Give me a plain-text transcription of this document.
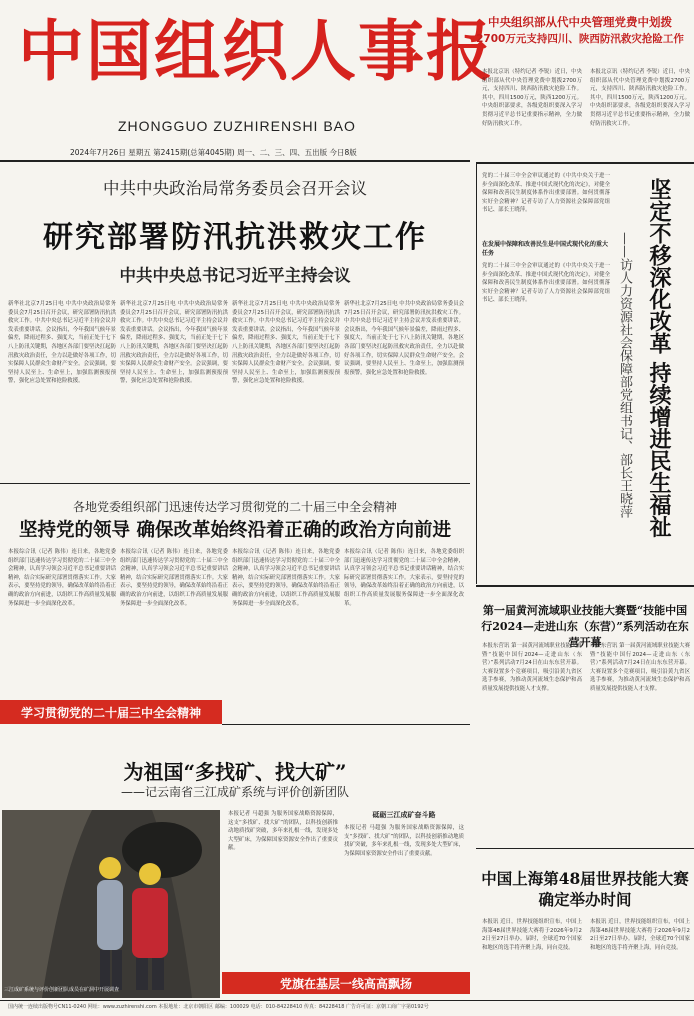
中国组织人事报
ZHONGGUO ZUZHIRENSHI BAO
2024年7月26日 星期五 第2415期(总第4045期) 周一、二、三、四、五出版 今日8版
中央组织部从代中央管理党费中划拨
2700万元支持四川、陕西防汛救灾抢险工作
本报北京讯（特约记者 李锐）近日，中央组织部从代中央管理党费中划拨2700万元，支持四川、陕西防汛救灾抢险工作。其中，四川1500万元，陕西1200万元。中央组织部要求，各级党组织要深入学习贯彻习近平总书记重要指示精神，全力做好防汛救灾工作。
本报北京讯（特约记者 李锐）近日，中央组织部从代中央管理党费中划拨2700万元，支持四川、陕西防汛救灾抢险工作。其中，四川1500万元，陕西1200万元。中央组织部要求，各级党组织要深入学习贯彻习近平总书记重要指示精神，全力做好防汛救灾工作。
中共中央政治局常务委员会召开会议
研究部署防汛抗洪救灾工作
中共中央总书记习近平主持会议
新华社北京7月25日电 中共中央政治局常务委员会7月25日召开会议，研究部署防汛抗洪救灾工作。中共中央总书记习近平主持会议并发表重要讲话。会议指出，今年我国气候年景偏差，降雨过程多、强度大，当前正处于七下八上防汛关键期，各地区各部门要坚决扛起防汛救灾政治责任，全力以赴做好各项工作，切实保障人民群众生命财产安全。会议强调，要坚持人民至上、生命至上，加强监测预报预警，强化应急处置和抢险救援。
新华社北京7月25日电 中共中央政治局常务委员会7月25日召开会议，研究部署防汛抗洪救灾工作。中共中央总书记习近平主持会议并发表重要讲话。会议指出，今年我国气候年景偏差，降雨过程多、强度大，当前正处于七下八上防汛关键期，各地区各部门要坚决扛起防汛救灾政治责任，全力以赴做好各项工作，切实保障人民群众生命财产安全。会议强调，要坚持人民至上、生命至上，加强监测预报预警，强化应急处置和抢险救援。
新华社北京7月25日电 中共中央政治局常务委员会7月25日召开会议，研究部署防汛抗洪救灾工作。中共中央总书记习近平主持会议并发表重要讲话。会议指出，今年我国气候年景偏差，降雨过程多、强度大，当前正处于七下八上防汛关键期，各地区各部门要坚决扛起防汛救灾政治责任，全力以赴做好各项工作，切实保障人民群众生命财产安全。会议强调，要坚持人民至上、生命至上，加强监测预报预警，强化应急处置和抢险救援。
新华社北京7月25日电 中共中央政治局常务委员会7月25日召开会议，研究部署防汛抗洪救灾工作。中共中央总书记习近平主持会议并发表重要讲话。会议指出，今年我国气候年景偏差，降雨过程多、强度大，当前正处于七下八上防汛关键期，各地区各部门要坚决扛起防汛救灾政治责任，全力以赴做好各项工作，切实保障人民群众生命财产安全。会议强调，要坚持人民至上、生命至上，加强监测预报预警，强化应急处置和抢险救援。
各地党委组织部门迅速传达学习贯彻党的二十届三中全会精神
坚持党的领导 确保改革始终沿着正确的政治方向前进
本报综合讯（记者 陈伟）连日来，各地党委组织部门迅速传达学习贯彻党的二十届三中全会精神，认真学习领会习近平总书记重要讲话精神，结合实际研究部署贯彻落实工作。大家表示，要坚持党的领导，确保改革始终沿着正确的政治方向前进，以组织工作高质量发展服务保障进一步全面深化改革。
本报综合讯（记者 陈伟）连日来，各地党委组织部门迅速传达学习贯彻党的二十届三中全会精神，认真学习领会习近平总书记重要讲话精神，结合实际研究部署贯彻落实工作。大家表示，要坚持党的领导，确保改革始终沿着正确的政治方向前进，以组织工作高质量发展服务保障进一步全面深化改革。
本报综合讯（记者 陈伟）连日来，各地党委组织部门迅速传达学习贯彻党的二十届三中全会精神，认真学习领会习近平总书记重要讲话精神，结合实际研究部署贯彻落实工作。大家表示，要坚持党的领导，确保改革始终沿着正确的政治方向前进，以组织工作高质量发展服务保障进一步全面深化改革。
本报综合讯（记者 陈伟）连日来，各地党委组织部门迅速传达学习贯彻党的二十届三中全会精神，认真学习领会习近平总书记重要讲话精神，结合实际研究部署贯彻落实工作。大家表示，要坚持党的领导，确保改革始终沿着正确的政治方向前进，以组织工作高质量发展服务保障进一步全面深化改革。
学习贯彻党的二十届三中全会精神
为祖国“多找矿、找大矿”
——记云南省三江成矿系统与评价创新团队
三江成矿系统与评价创新团队成员在矿洞中开展调查
本报记者 马超强 为服务国家战略资源保障，这支“多找矿、找大矿”的团队，以科技创新推动地质找矿突破，多年来扎根一线，发现多处大型矿床，为保障国家资源安全作出了重要贡献。
砥砺三江成矿奋斗路
本报记者 马超强 为服务国家战略资源保障，这支“多找矿、找大矿”的团队，以科技创新推动地质找矿突破，多年来扎根一线，发现多处大型矿床，为保障国家资源安全作出了重要贡献。
党旗在基层一线高高飘扬
坚定不移深化改革 持续增进民生福祉
——访人力资源社会保障部党组书记、部长王晓萍
党的二十届三中全会审议通过的《中共中央关于进一步全面深化改革、推进中国式现代化的决定》，对健全保障和改善民生制度体系作出重要部署。如何贯彻落实好全会精神？记者专访了人力资源社会保障部党组书记、部长王晓萍。
在发展中保障和改善民生是中国式现代化的重大任务
党的二十届三中全会审议通过的《中共中央关于进一步全面深化改革、推进中国式现代化的决定》，对健全保障和改善民生制度体系作出重要部署。如何贯彻落实好全会精神？记者专访了人力资源社会保障部党组书记、部长王晓萍。
第一届黄河流域职业技能大赛暨“技能中国行2024—走进山东（东营）”系列活动在东营开幕
本报东营讯 第一届黄河流域职业技能大赛暨“技能中国行2024—走进山东（东营）”系列活动7月24日在山东东营开幕。大赛设置多个竞赛项目，吸引沿黄九省区选手参赛，为推动黄河流域生态保护和高质量发展提供技能人才支撑。
本报东营讯 第一届黄河流域职业技能大赛暨“技能中国行2024—走进山东（东营）”系列活动7月24日在山东东营开幕。大赛设置多个竞赛项目，吸引沿黄九省区选手参赛，为推动黄河流域生态保护和高质量发展提供技能人才支撑。
中国上海第48届世界技能大赛确定举办时间
本报讯 近日，世界技能组织宣布，中国上海第48届世界技能大赛将于2026年9月22日至27日举办。届时，全球近70个国家和地区的选手将齐聚上海，同台竞技。
本报讯 近日，世界技能组织宣布，中国上海第48届世界技能大赛将于2026年9月22日至27日举办。届时，全球近70个国家和地区的选手将齐聚上海，同台竞技。
国内统一连续出版物号CN11-0240 网址：www.zuzhirenshi.com 本报地址：北京市朝阳区 邮编：100029 电话：010-84228410 传真：84228418 广告许可证：京朝工商广字第0192号
